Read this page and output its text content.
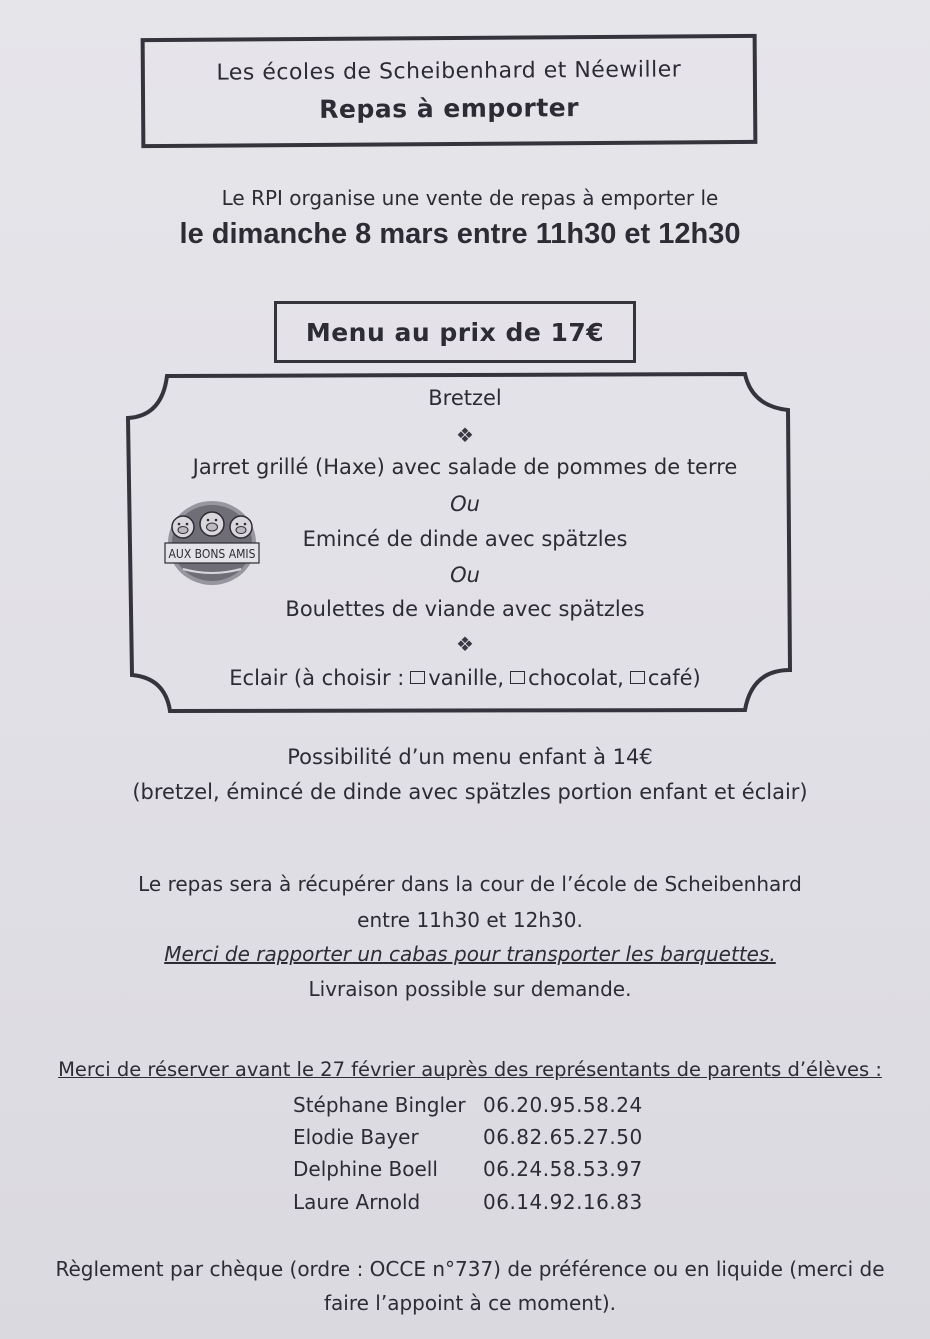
Les écoles de Scheibenhard et Néewiller
Repas à emporter
Le RPI organise une vente de repas à emporter le
le dimanche 8 mars entre 11h30 et 12h30
Menu au prix de 17€
Bretzel
❖
Jarret grillé (Haxe) avec salade de pommes de terre
Ou
Emincé de dinde avec spätzles
Ou
Boulettes de viande avec spätzles
❖
Eclair (à choisir : vanille, chocolat, café)
AUX BONS AMIS
Possibilité d’un menu enfant à 14€
(bretzel, émincé de dinde avec spätzles portion enfant et éclair)
Le repas sera à récupérer dans la cour de l’école de Scheibenhard
entre 11h30 et 12h30.
Merci de rapporter un cabas pour transporter les barquettes.
Livraison possible sur demande.
Merci de réserver avant le 27 février auprès des représentants de parents d’élèves :
Stéphane Bingler 06.20.95.58.24
Elodie Bayer	06.82.65.27.50
Delphine Boell 06.24.58.53.97
Laure Arnold	06.14.92.16.83
Règlement par chèque (ordre : OCCE n°737) de préférence ou en liquide (merci de
faire l’appoint à ce moment).
